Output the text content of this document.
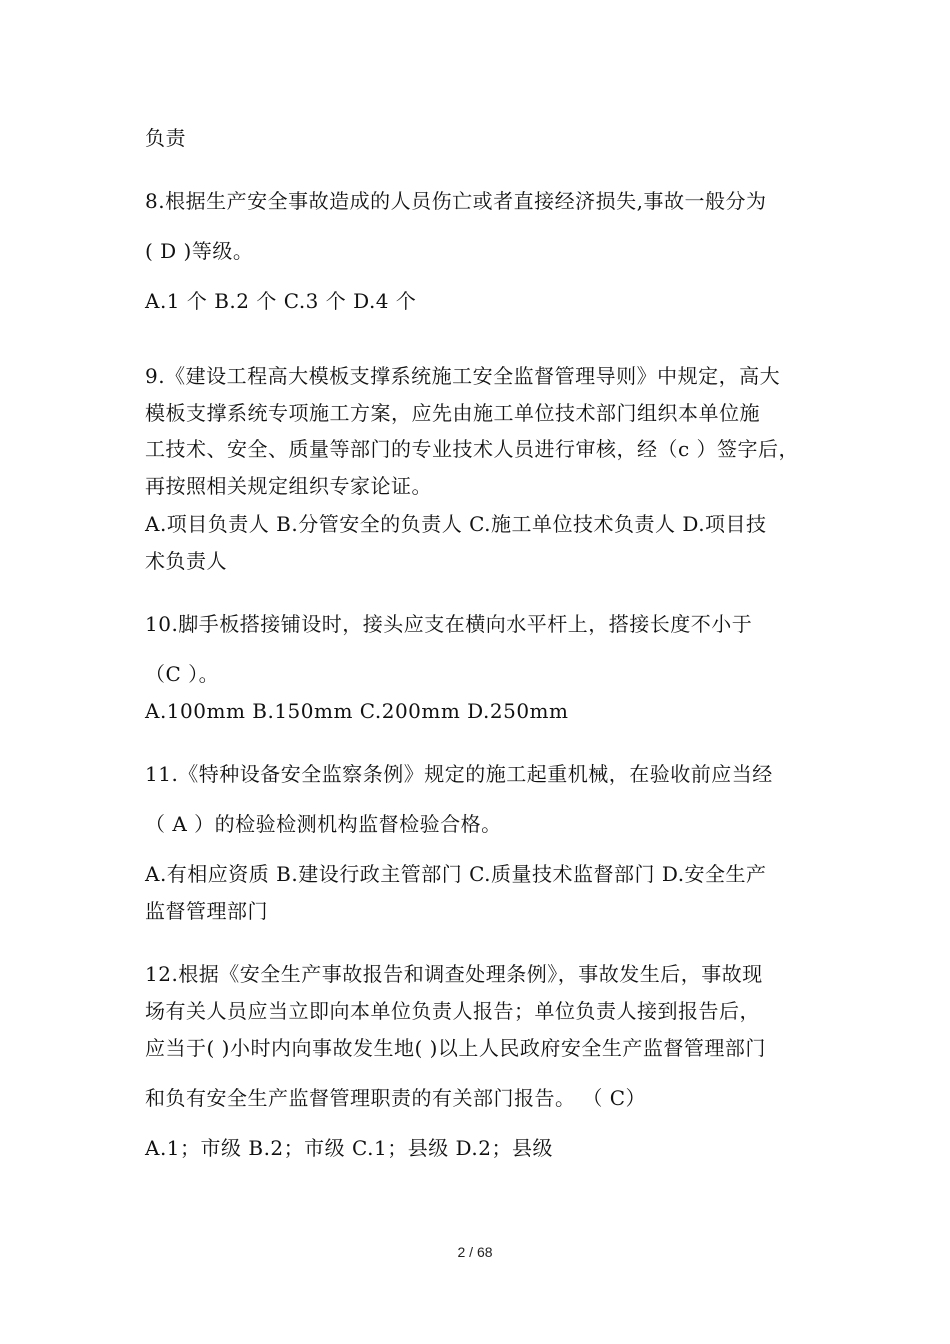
负责
8.根据生产安全事故造成的人员伤亡或者直接经济损失,事故一般分为
( D )等级。
A.1 个 B.2 个 C.3 个 D.4 个
9.《建设工程高大模板支撑系统施工安全监督管理导则》中规定，高大
模板支撑系统专项施工方案，应先由施工单位技术部门组织本单位施
工技术、安全、质量等部门的专业技术人员进行审核，经（c ）签字后，
再按照相关规定组织专家论证。
A.项目负责人 B.分管安全的负责人 C.施工单位技术负责人 D.项目技
术负责人
10.脚手板搭接铺设时，接头应支在横向水平杆上，搭接长度不小于
（C ）。
A.100mm B.150mm C.200mm D.250mm
11.《特种设备安全监察条例》规定的施工起重机械，在验收前应当经
（ A ）的检验检测机构监督检验合格。
A.有相应资质 B.建设行政主管部门 C.质量技术监督部门 D.安全生产
监督管理部门
12.根据《安全生产事故报告和调查处理条例》，事故发生后，事故现
场有关人员应当立即向本单位负责人报告；单位负责人接到报告后，
应当于( )小时内向事故发生地( )以上人民政府安全生产监督管理部门
和负有安全生产监督管理职责的有关部门报告。 （ C）
A.1；市级 B.2；市级 C.1；县级 D.2；县级
2 / 68
